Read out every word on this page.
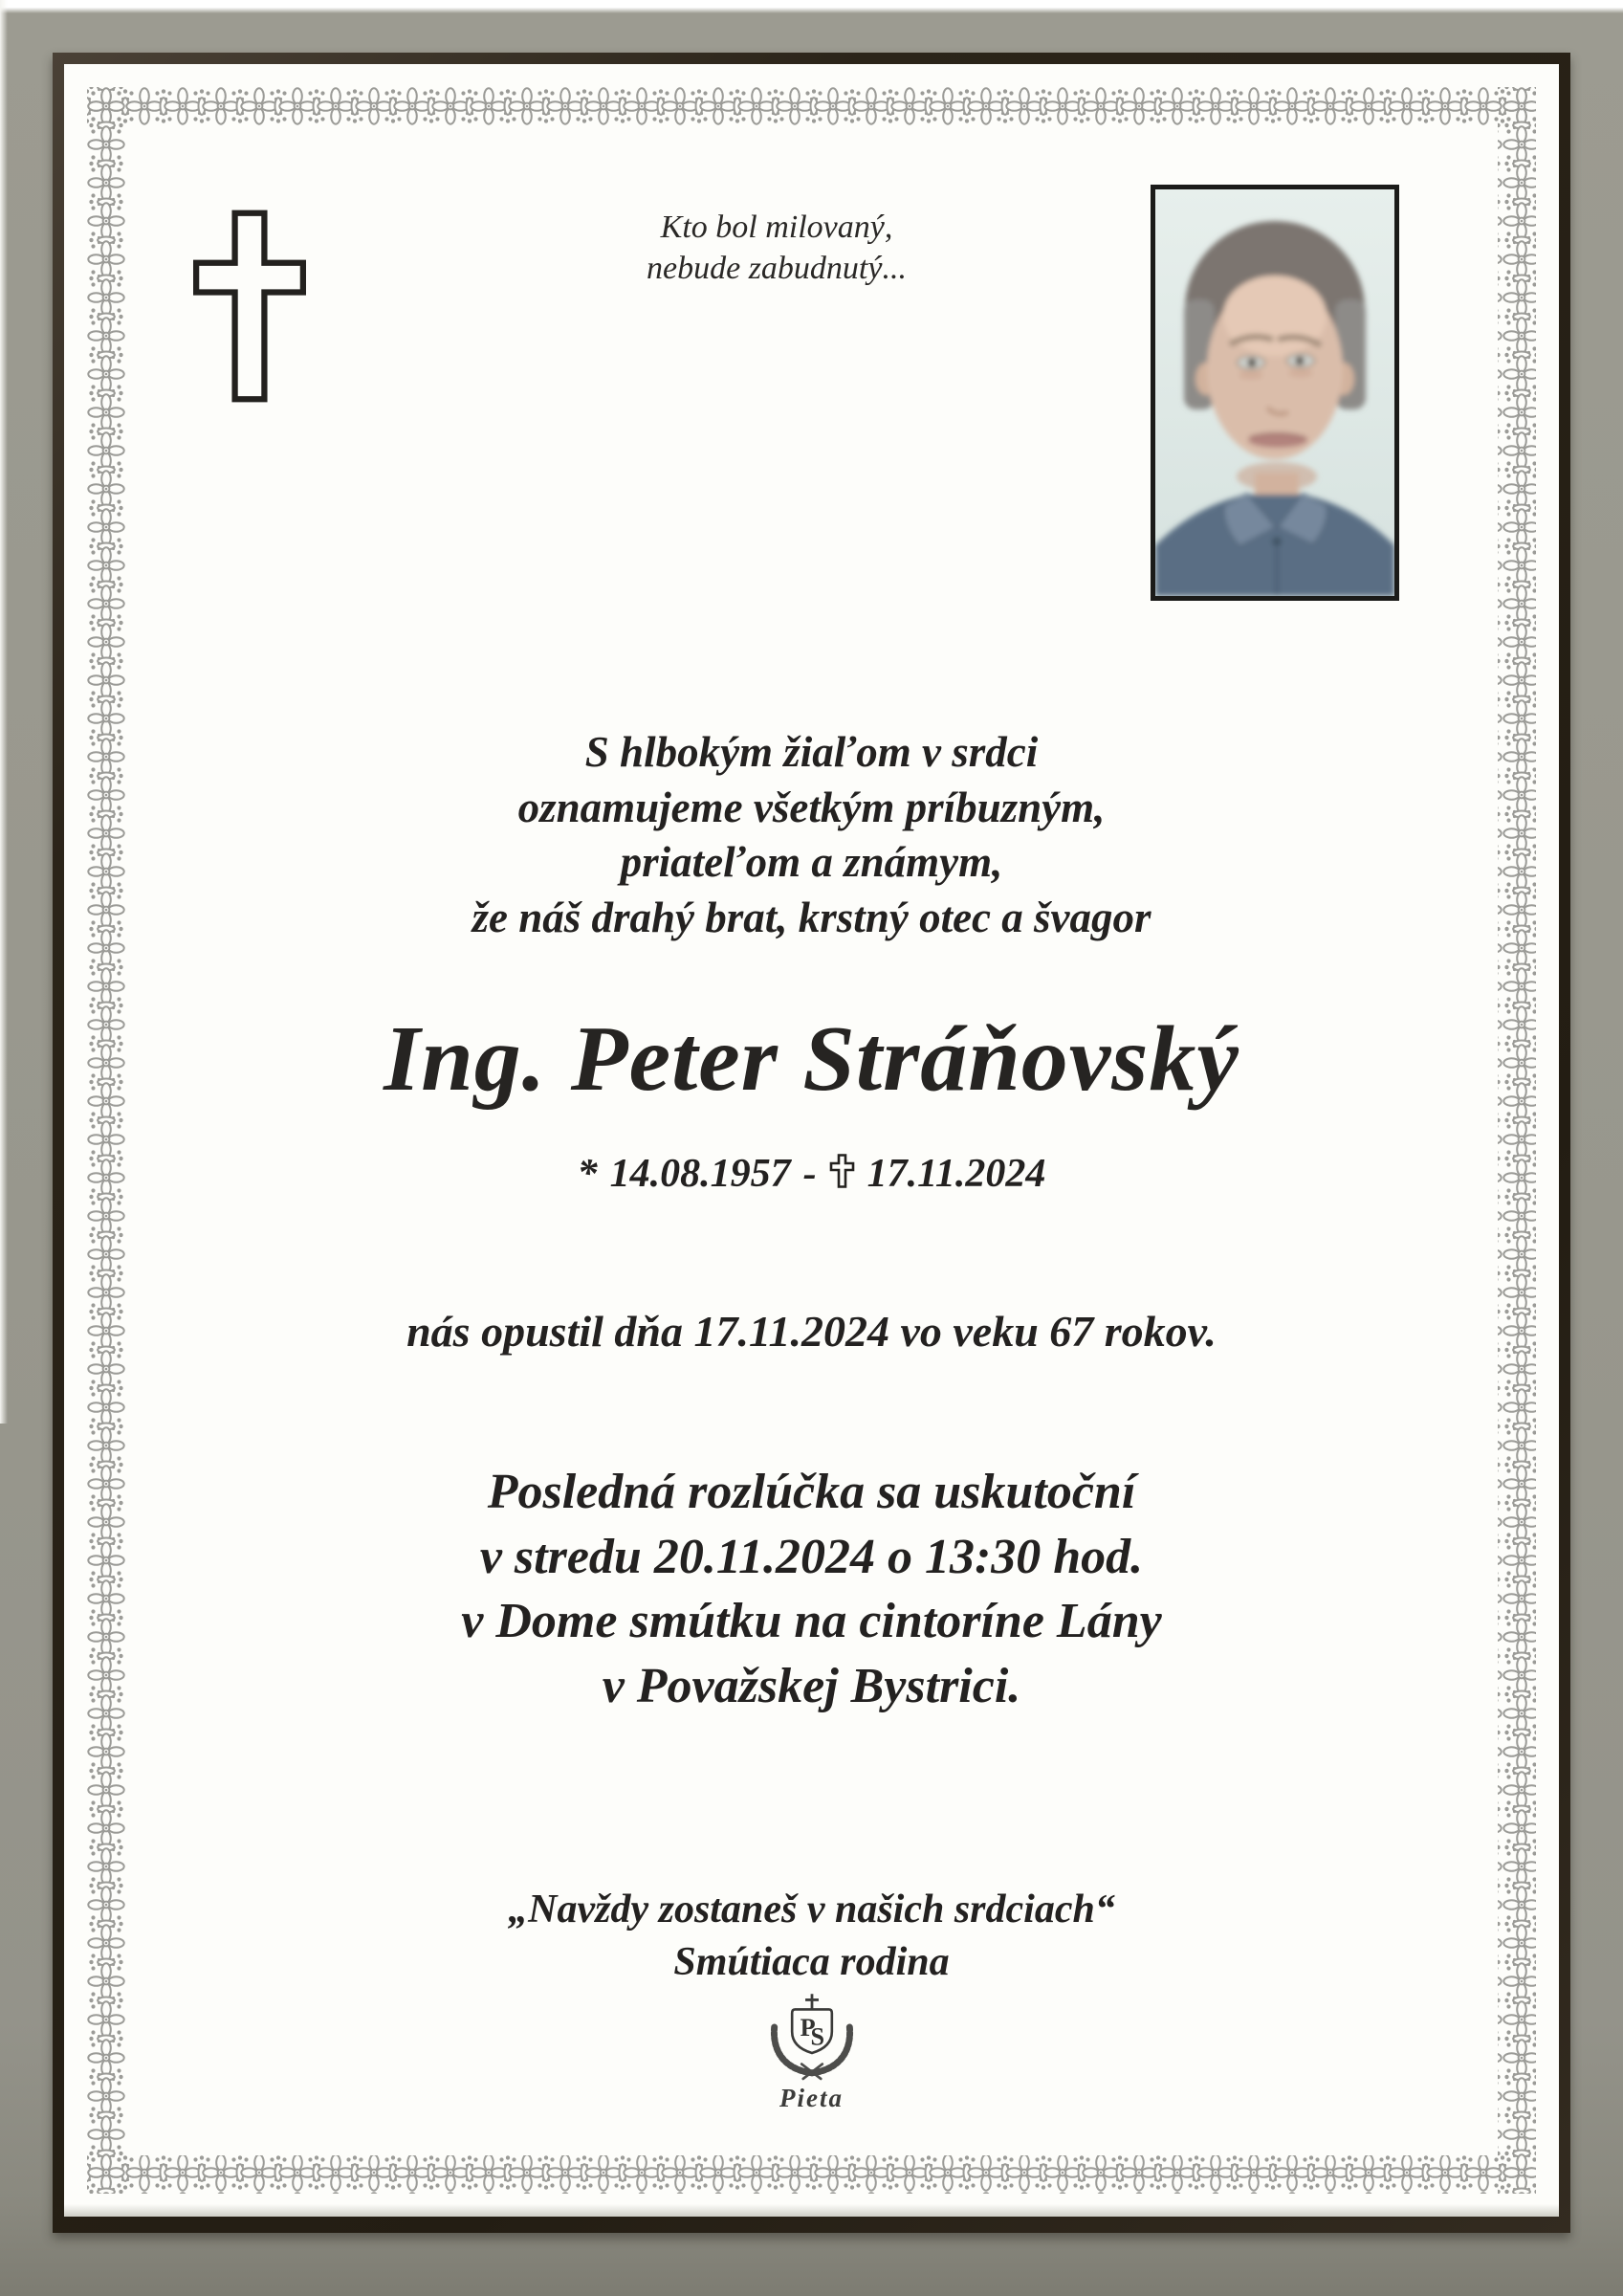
Kto bol milovaný,
nebude zabudnutý...
S hlbokým žiaľom v srdci
oznamujeme všetkým príbuzným,
priateľom a známym,
že náš drahý brat, krstný otec a švagor
Ing. Peter Stráňovský
* 14.08.1957 - 17.11.2024
nás opustil dňa 17.11.2024 vo veku 67 rokov.
Posledná rozlúčka sa uskutoční
v stredu 20.11.2024 o 13:30 hod.
v Dome smútku na cintoríne Lány
v Považskej Bystrici.
„Navždy zostaneš v našich srdciach“
Smútiaca rodina
P
S
Pieta
